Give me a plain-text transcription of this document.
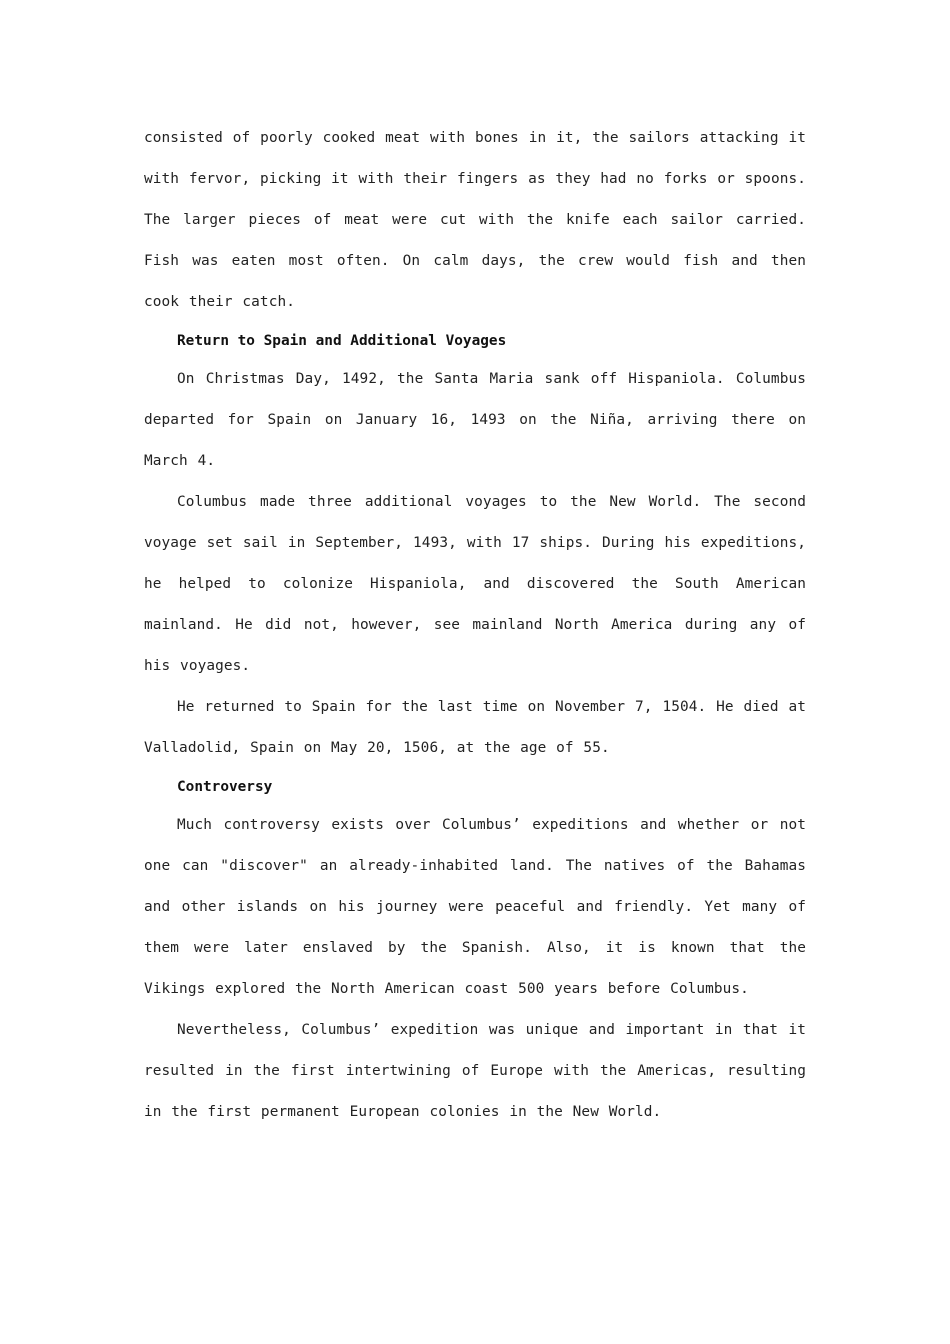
consisted of poorly cooked meat with bones in it, the sailors attacking it with fervor, picking it with their fingers as they had no forks or spoons. The larger pieces of meat were cut with the knife each sailor carried. Fish was eaten most often. On calm days, the crew would fish and then cook their catch.

Return to Spain and Additional Voyages

On Christmas Day, 1492, the Santa Maria sank off Hispaniola. Columbus departed for Spain on January 16, 1493 on the Niña, arriving there on March 4.

Columbus made three additional voyages to the New World. The second voyage set sail in September, 1493, with 17 ships. During his expeditions, he helped to colonize Hispaniola, and discovered the South American mainland. He did not, however, see mainland North America during any of his voyages.

He returned to Spain for the last time on November 7, 1504. He died at Valladolid, Spain on May 20, 1506, at the age of 55.

Controversy

Much controversy exists over Columbus’ expeditions and whether or not one can "discover" an already-inhabited land. The natives of the Bahamas and other islands on his journey were peaceful and friendly. Yet many of them were later enslaved by the Spanish. Also, it is known that the Vikings explored the North American coast 500 years before Columbus.

Nevertheless, Columbus’ expedition was unique and important in that it resulted in the first intertwining of Europe with the Americas, resulting in the first permanent European colonies in the New World.
